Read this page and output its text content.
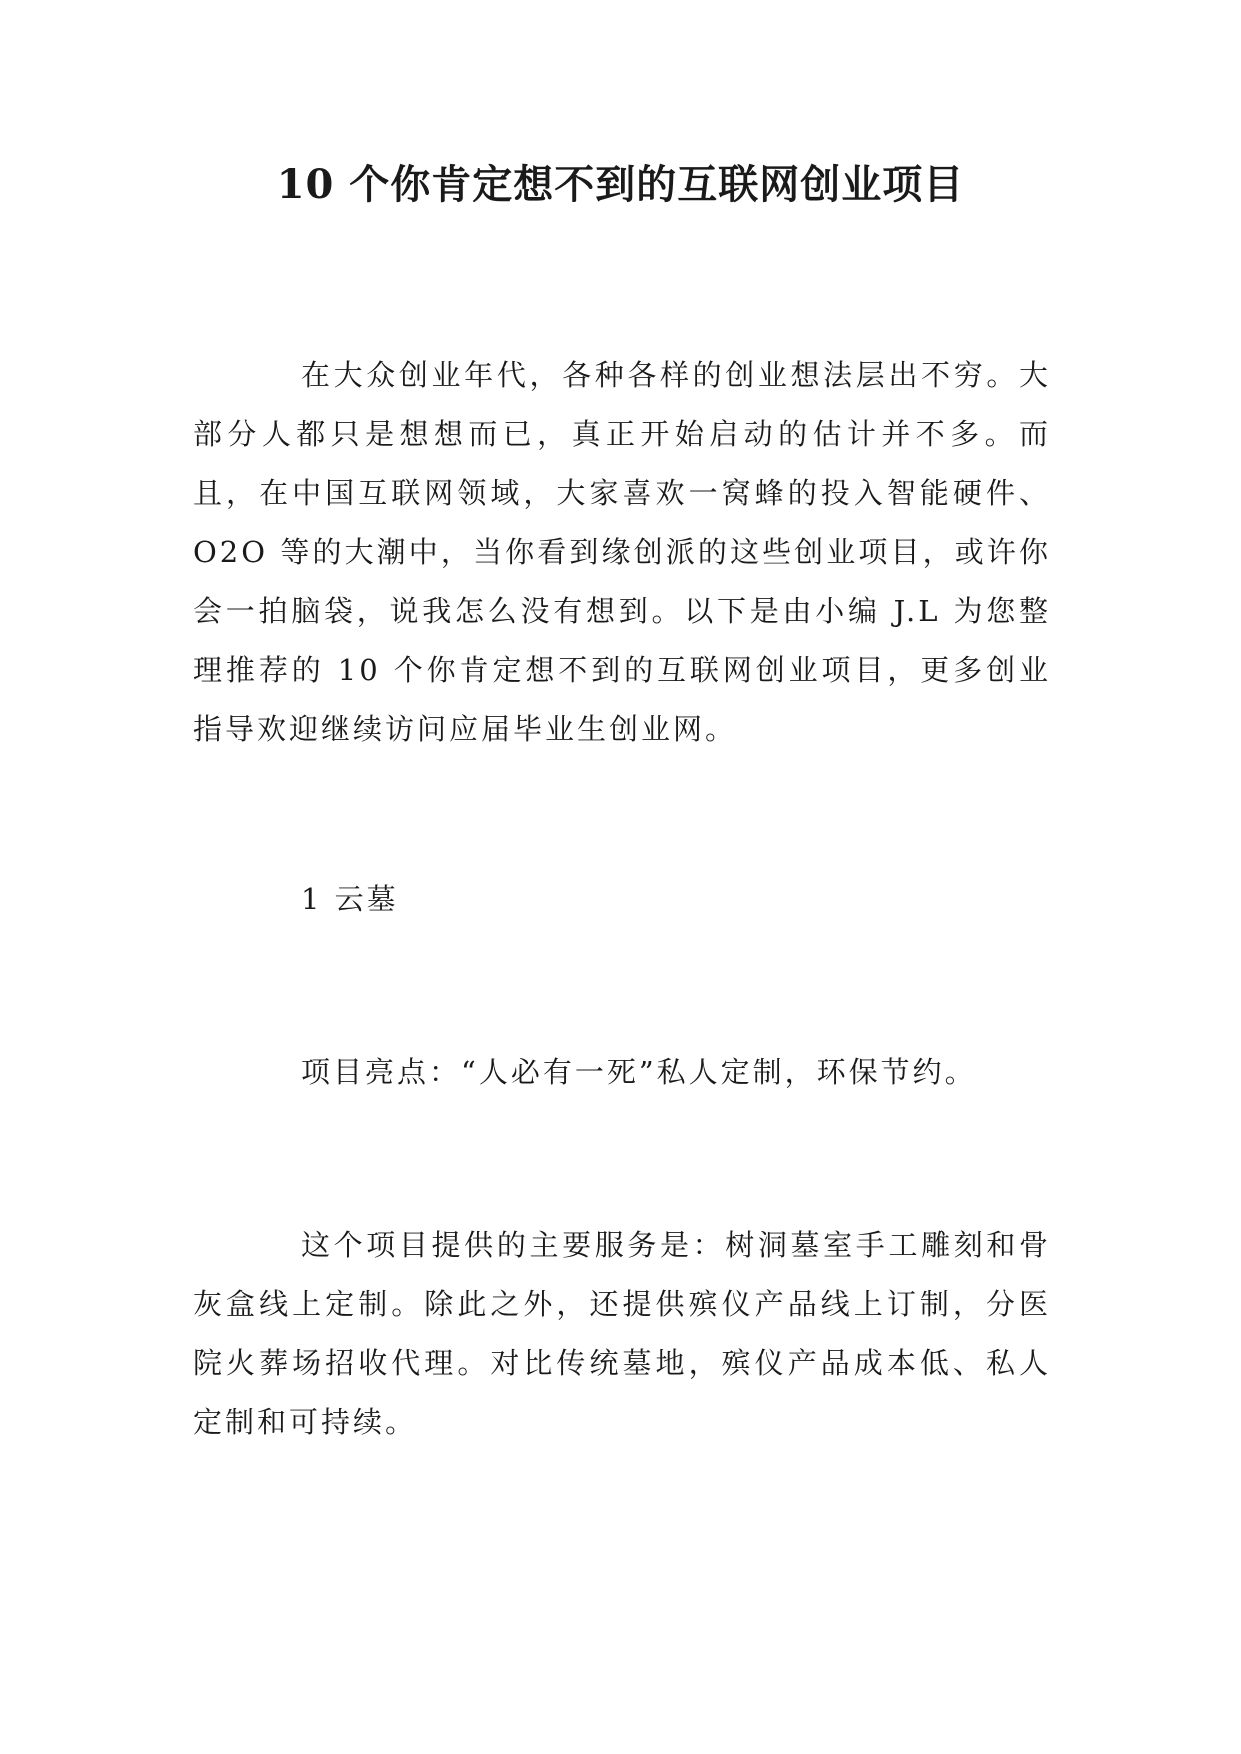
10 个你肯定想不到的互联网创业项目

在大众创业年代，各种各样的创业想法层出不穷。大部分人都只是想想而已，真正开始启动的估计并不多。而且，在中国互联网领域，大家喜欢一窝蜂的投入智能硬件、O2O 等的大潮中，当你看到缘创派的这些创业项目，或许你会一拍脑袋，说我怎么没有想到。以下是由小编 J.L 为您整理推荐的 10 个你肯定想不到的互联网创业项目，更多创业指导欢迎继续访问应届毕业生创业网。

1 云墓

项目亮点：“人必有一死”私人定制，环保节约。

这个项目提供的主要服务是：树洞墓室手工雕刻和骨灰盒线上定制。除此之外，还提供殡仪产品线上订制，分医院火葬场招收代理。对比传统墓地，殡仪产品成本低、私人定制和可持续。
